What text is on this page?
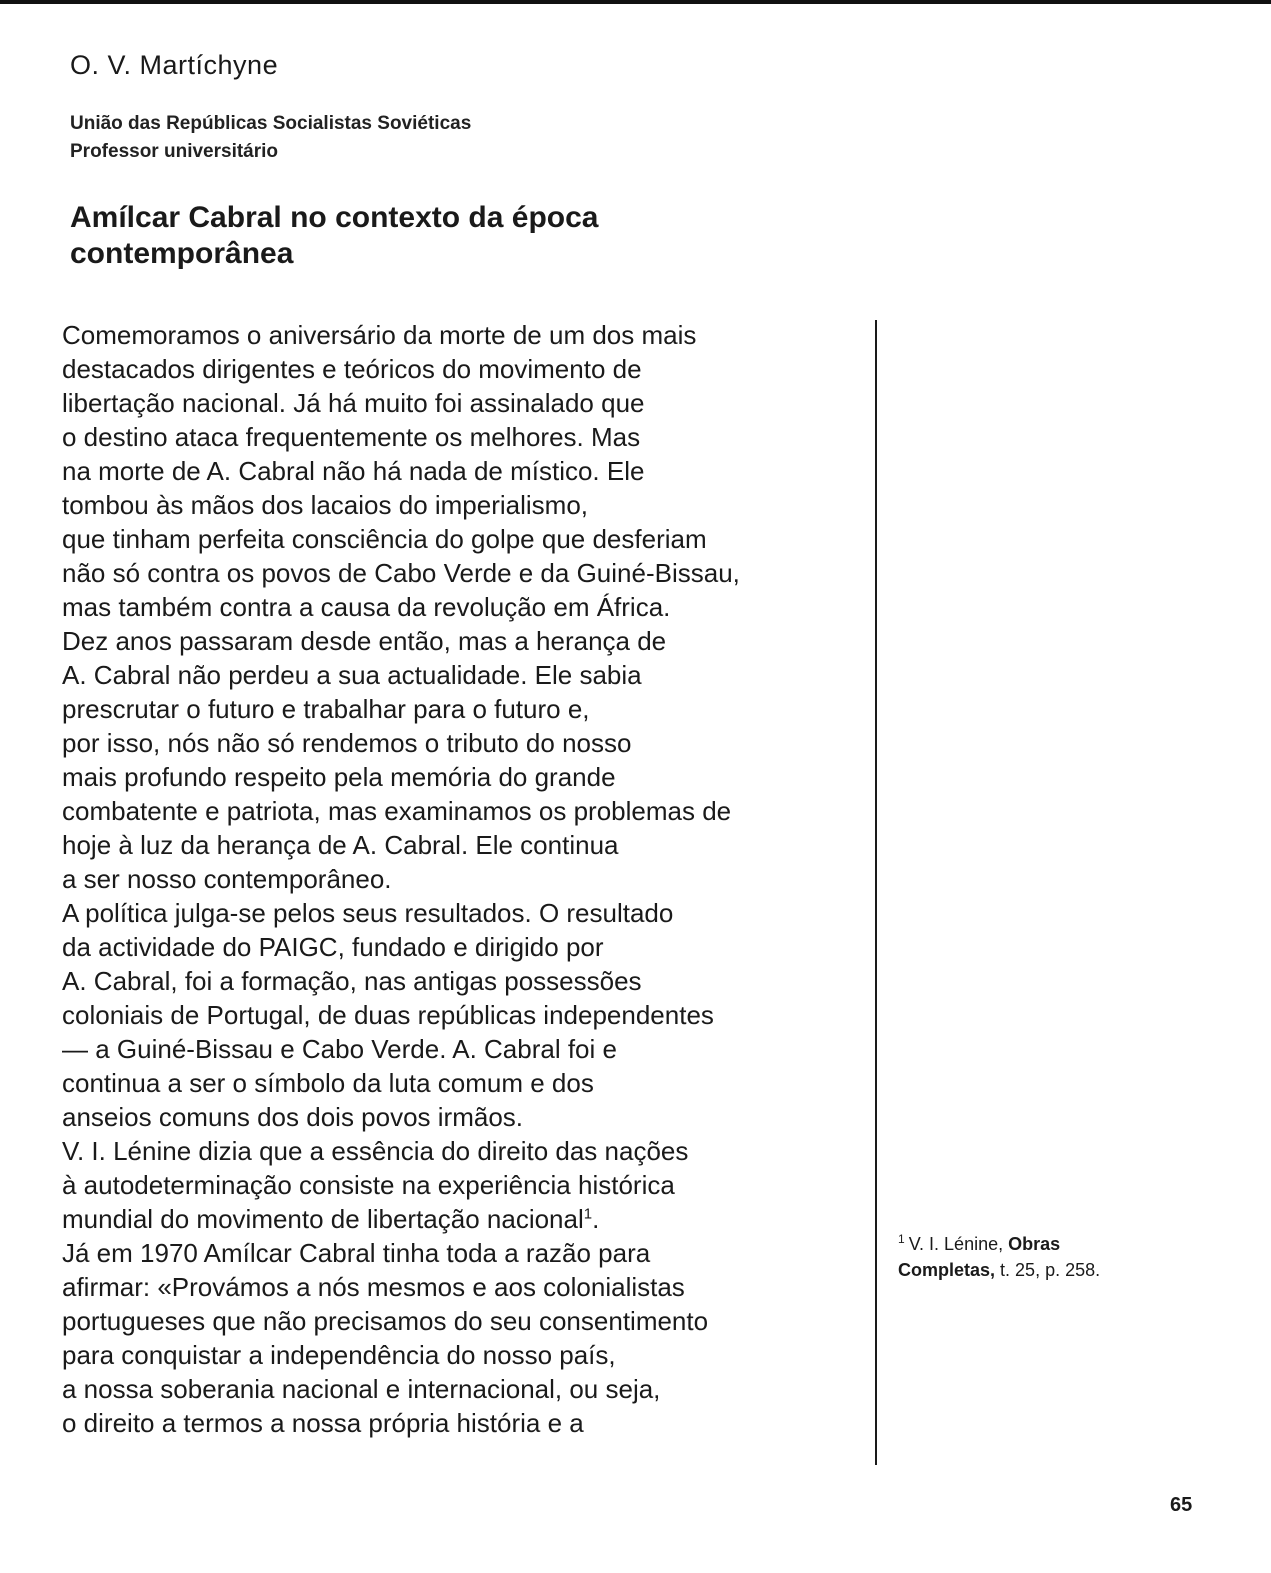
O. V. Martíchyne
União das Repúblicas Socialistas Soviéticas
Professor universitário
Amílcar Cabral no contexto da época
contemporânea
Comemoramos o aniversário da morte de um dos mais
destacados dirigentes e teóricos do movimento de
libertação nacional. Já há muito foi assinalado que
o destino ataca frequentemente os melhores. Mas
na morte de A. Cabral não há nada de místico. Ele
tombou às mãos dos lacaios do imperialismo,
que tinham perfeita consciência do golpe que desferiam
não só contra os povos de Cabo Verde e da Guiné-Bissau,
mas também contra a causa da revolução em África.
Dez anos passaram desde então, mas a herança de
A. Cabral não perdeu a sua actualidade. Ele sabia
prescrutar o futuro e trabalhar para o futuro e,
por isso, nós não só rendemos o tributo do nosso
mais profundo respeito pela memória do grande
combatente e patriota, mas examinamos os problemas de
hoje à luz da herança de A. Cabral. Ele continua
a ser nosso contemporâneo.
A política julga-se pelos seus resultados. O resultado
da actividade do PAIGC, fundado e dirigido por
A. Cabral, foi a formação, nas antigas possessões
coloniais de Portugal, de duas repúblicas independentes
— a Guiné-Bissau e Cabo Verde. A. Cabral foi e
continua a ser o símbolo da luta comum e dos
anseios comuns dos dois povos irmãos.
V. I. Lénine dizia que a essência do direito das nações
à autodeterminação consiste na experiência histórica
mundial do movimento de libertação nacional$^1$.
Já em 1970 Amílcar Cabral tinha toda a razão para
afirmar: «Provámos a nós mesmos e aos colonialistas
portugueses que não precisamos do seu consentimento
para conquistar a independência do nosso país,
a nossa soberania nacional e internacional, ou seja,
o direito a termos a nossa própria história e a
$^1$ V. I. Lénine, Obras
Completas, t. 25, p. 258.
65
